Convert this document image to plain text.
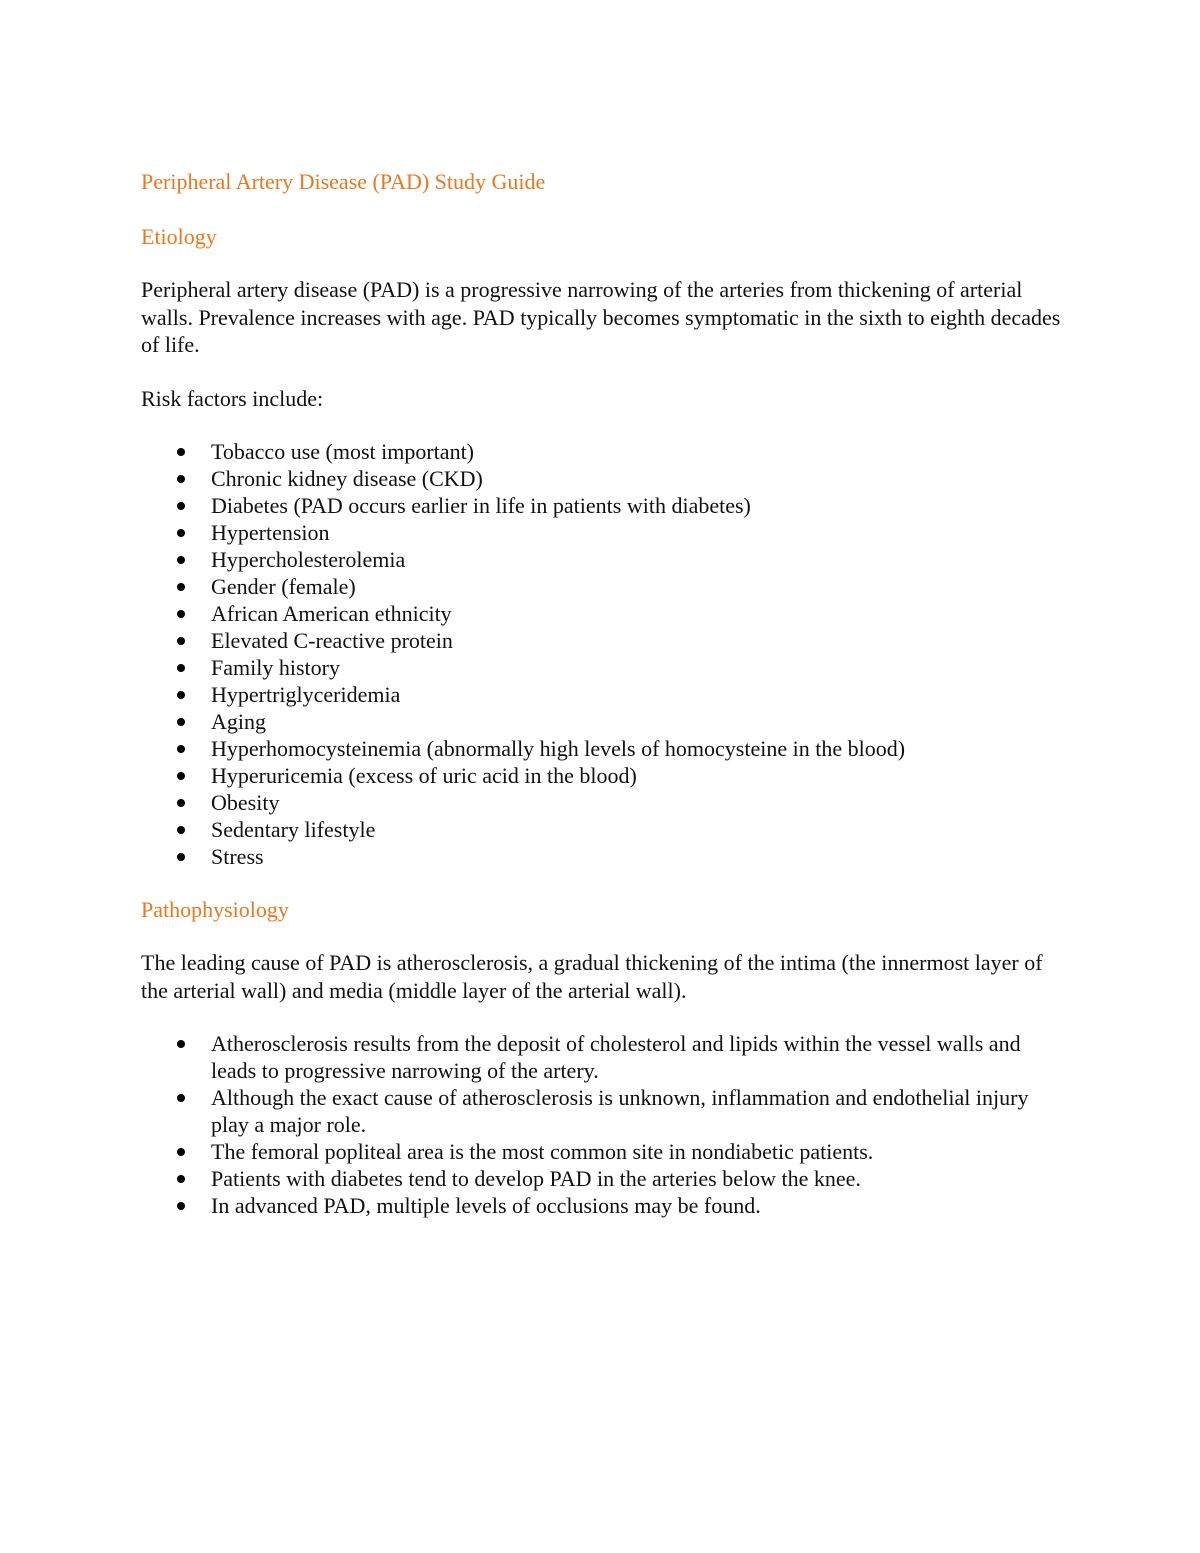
Peripheral Artery Disease (PAD) Study Guide
Etiology

Peripheral artery disease (PAD) is a progressive narrowing of the arteries from thickening of arterial walls. Prevalence increases with age. PAD typically becomes symptomatic in the sixth to eighth decades of life.

Risk factors include:

Tobacco use (most important)
Chronic kidney disease (CKD)
Diabetes (PAD occurs earlier in life in patients with diabetes)
Hypertension
Hypercholesterolemia
Gender (female)
African American ethnicity
Elevated C-reactive protein
Family history
Hypertriglyceridemia
Aging
Hyperhomocysteinemia (abnormally high levels of homocysteine in the blood)
Hyperuricemia (excess of uric acid in the blood)
Obesity
Sedentary lifestyle
Stress
Pathophysiology

The leading cause of PAD is atherosclerosis, a gradual thickening of the intima (the innermost layer of the arterial wall) and media (middle layer of the arterial wall).

Atherosclerosis results from the deposit of cholesterol and lipids within the vessel walls and leads to progressive narrowing of the artery.
Although the exact cause of atherosclerosis is unknown, inflammation and endothelial injury play a major role.
The femoral popliteal area is the most common site in nondiabetic patients.
Patients with diabetes tend to develop PAD in the arteries below the knee.
In advanced PAD, multiple levels of occlusions may be found.
